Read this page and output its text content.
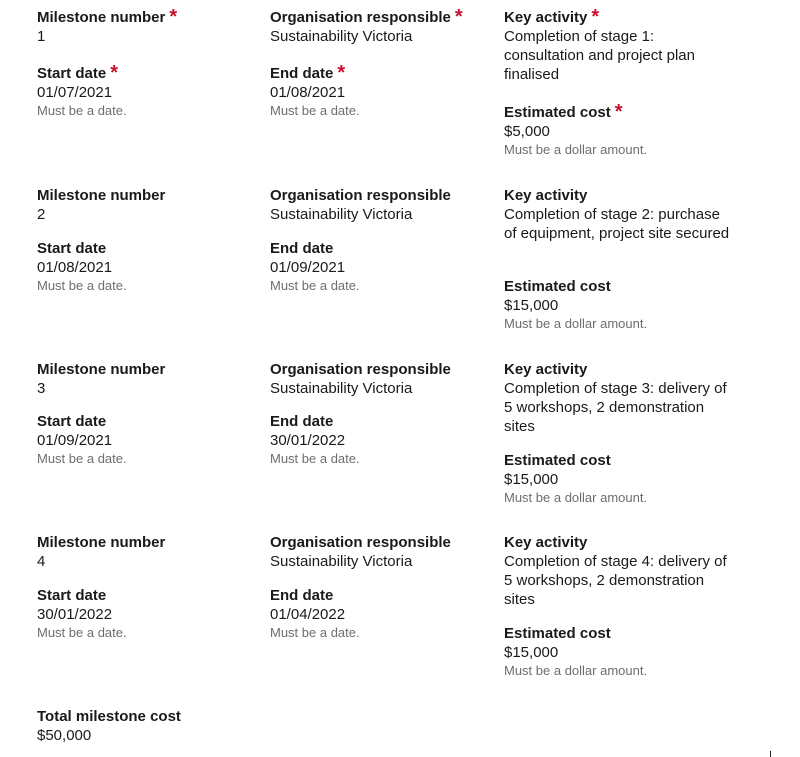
Milestone number *
1
Start date *
01/07/2021
Must be a date.
Organisation responsible *
Sustainability Victoria
End date *
01/08/2021
Must be a date.
Key activity *
Completion of stage 1: consultation and project plan finalised
Estimated cost *
$5,000
Must be a dollar amount.
Milestone number
2
Start date
01/08/2021
Must be a date.
Organisation responsible
Sustainability Victoria
End date
01/09/2021
Must be a date.
Key activity
Completion of stage 2: purchase of equipment, project site secured
Estimated cost
$15,000
Must be a dollar amount.
Milestone number
3
Start date
01/09/2021
Must be a date.
Organisation responsible
Sustainability Victoria
End date
30/01/2022
Must be a date.
Key activity
Completion of stage 3: delivery of 5 workshops, 2 demonstration sites
Estimated cost
$15,000
Must be a dollar amount.
Milestone number
4
Start date
30/01/2022
Must be a date.
Organisation responsible
Sustainability Victoria
End date
01/04/2022
Must be a date.
Key activity
Completion of stage 4: delivery of 5 workshops, 2 demonstration sites
Estimated cost
$15,000
Must be a dollar amount.
Total milestone cost
$50,000
